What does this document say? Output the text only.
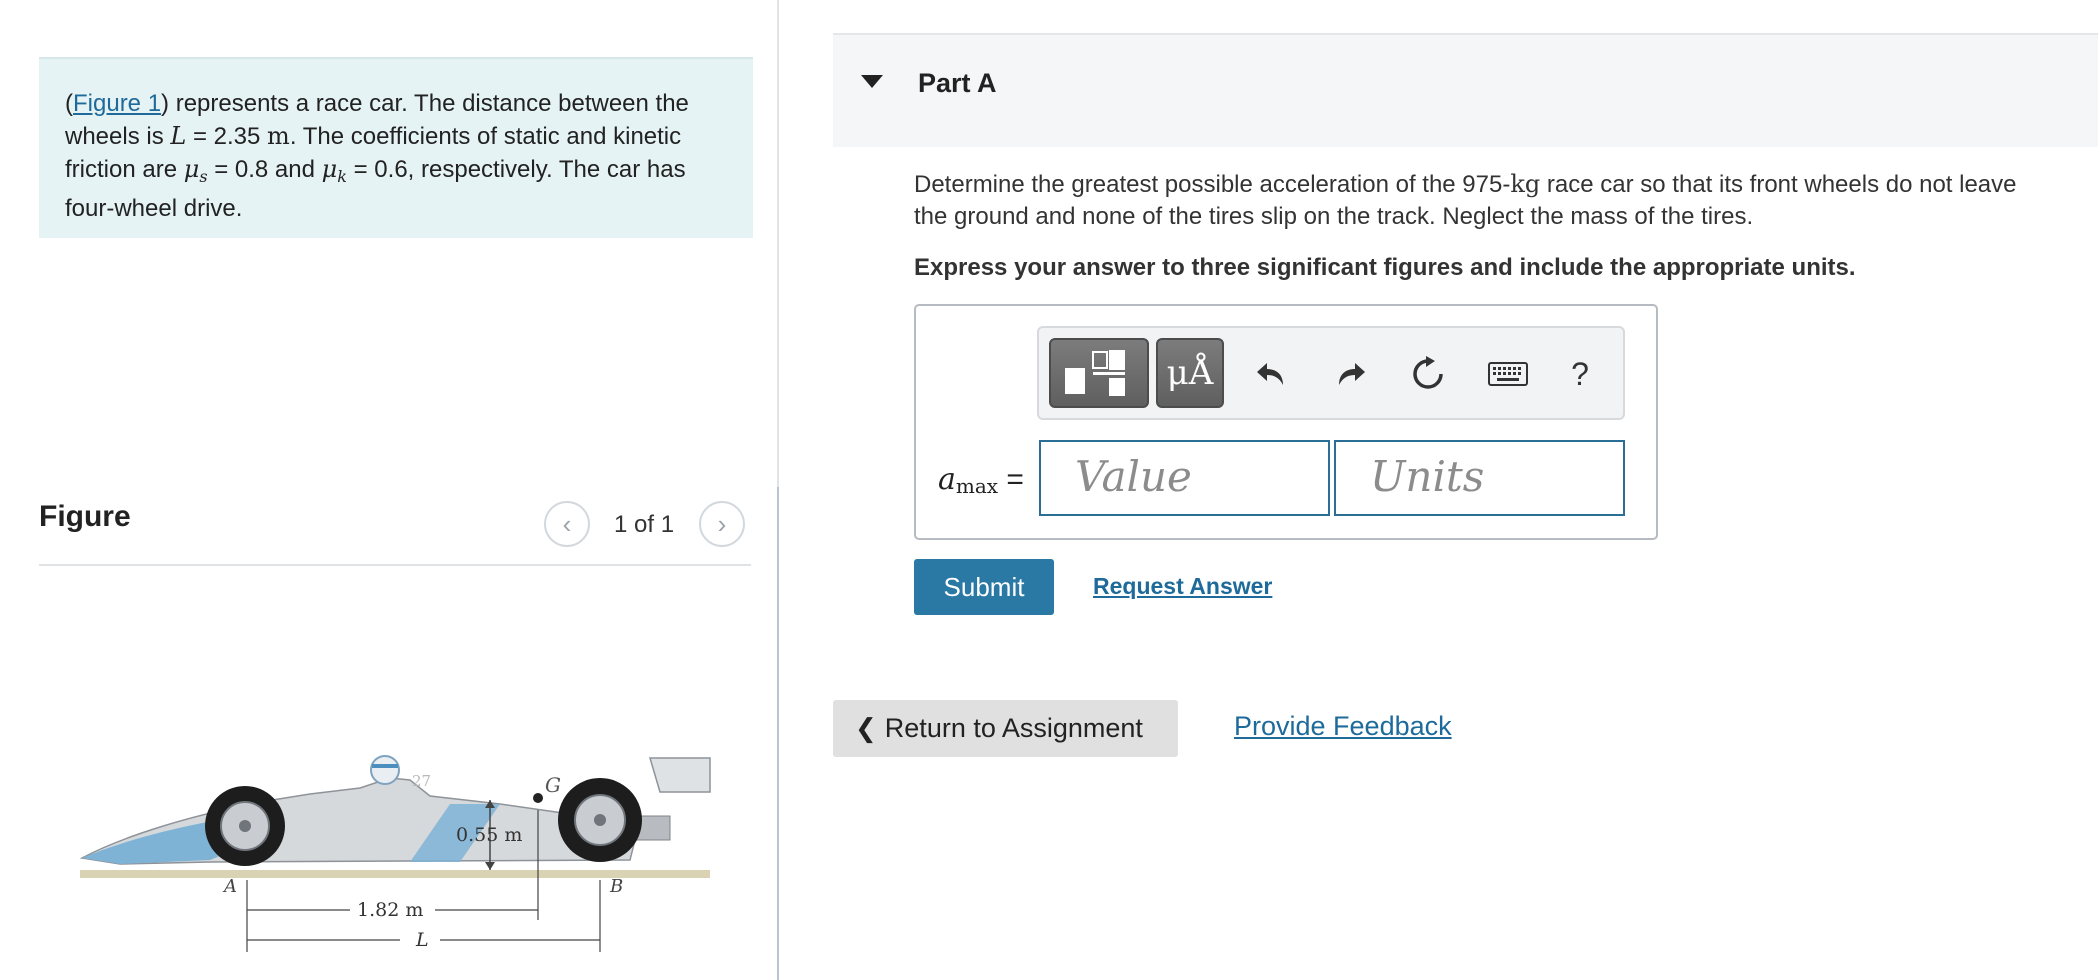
(Figure 1) represents a race car. The distance between the wheels is L = 2.35 m. The coefficients of static and kinetic friction are $\mu_s = 0.8$ and $\mu_k = 0.6$, respectively. The car has four-wheel drive.
Figure	‹ 1 of 1 ›
27	G
0.55 m
A	B
1.82 m
L
Part A
Determine the greatest possible acceleration of the 975-kg race car so that its front wheels do not leave the ground and none of the tires slip on the track. Neglect the mass of the tires.
Express your answer to three significant figures and include the appropriate units.
μÅ	?
$a_{max}$ =	Value	Units
Submit	Request Answer
❮ Return to Assignment	Provide Feedback
